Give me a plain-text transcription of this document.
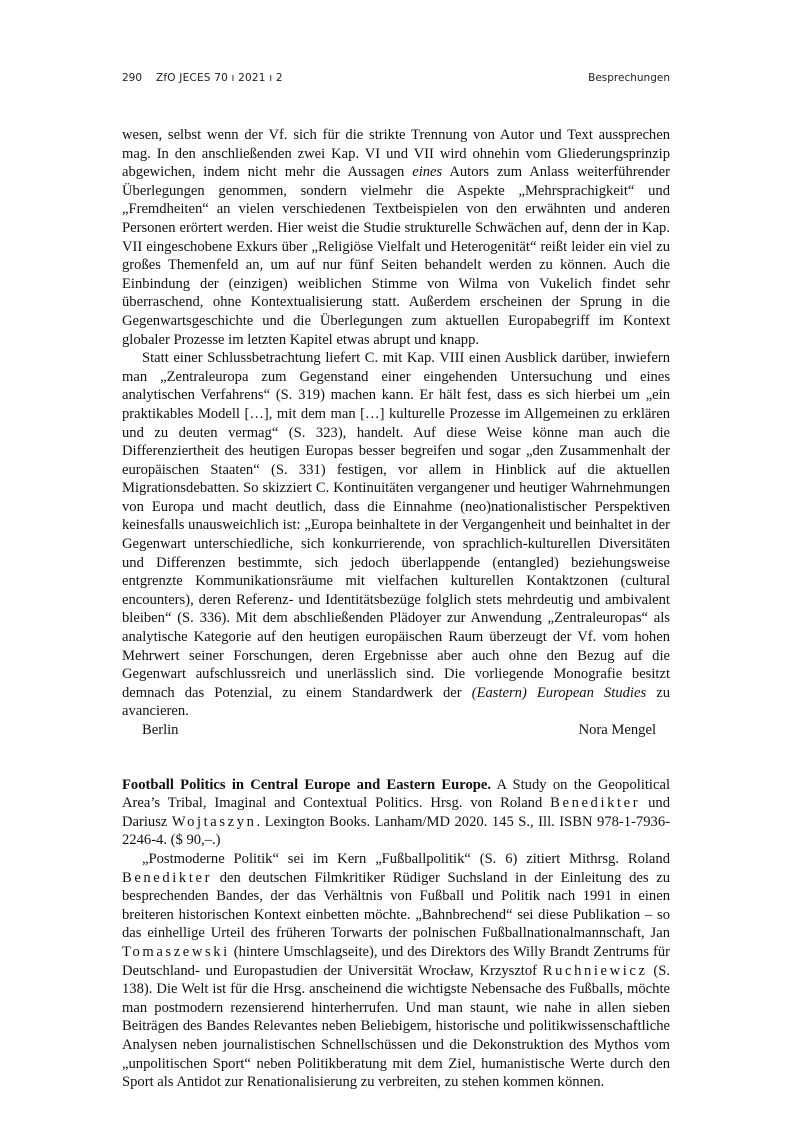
290 ZfO JECES 70 ı 2021 ı 2	Besprechungen

wesen, selbst wenn der Vf. sich für die strikte Trennung von Autor und Text aussprechen mag. In den anschließenden zwei Kap. VI und VII wird ohnehin vom Gliederungsprinzip abgewichen, indem nicht mehr die Aussagen eines Autors zum Anlass weiterführender Überlegungen genommen, sondern vielmehr die Aspekte „Mehrsprachigkeit“ und „Fremdheiten“ an vielen verschiedenen Textbeispielen von den erwähnten und anderen Personen erörtert werden. Hier weist die Studie strukturelle Schwächen auf, denn der in Kap. VII eingeschobene Exkurs über „Religiöse Vielfalt und Heterogenität“ reißt leider ein viel zu großes Themenfeld an, um auf nur fünf Seiten behandelt werden zu können. Auch die Einbindung der (einzigen) weiblichen Stimme von Wilma von Vukelich findet sehr überraschend, ohne Kontextualisierung statt. Außerdem erscheinen der Sprung in die Gegenwartsgeschichte und die Überlegungen zum aktuellen Europabegriff im Kontext globaler Prozesse im letzten Kapitel etwas abrupt und knapp.

Statt einer Schlussbetrachtung liefert C. mit Kap. VIII einen Ausblick darüber, inwiefern man „Zentraleuropa zum Gegenstand einer eingehenden Untersuchung und eines analytischen Verfahrens“ (S. 319) machen kann. Er hält fest, dass es sich hierbei um „ein praktikables Modell […], mit dem man […] kulturelle Prozesse im Allgemeinen zu erklären und zu deuten vermag“ (S. 323), handelt. Auf diese Weise könne man auch die Differenziertheit des heutigen Europas besser begreifen und sogar „den Zusammenhalt der europäischen Staaten“ (S. 331) festigen, vor allem in Hinblick auf die aktuellen Migrationsdebatten. So skizziert C. Kontinuitäten vergangener und heutiger Wahrnehmungen von Europa und macht deutlich, dass die Einnahme (neo)nationalistischer Perspektiven keinesfalls unausweichlich ist: „Europa beinhaltete in der Vergangenheit und beinhaltet in der Gegenwart unterschiedliche, sich konkurrierende, von sprachlich-kulturellen Diversitäten und Differenzen bestimmte, sich jedoch überlappende (entangled) beziehungsweise entgrenzte Kommunikationsräume mit vielfachen kulturellen Kontaktzonen (cultural encounters), deren Referenz- und Identitätsbezüge folglich stets mehrdeutig und ambivalent bleiben“ (S. 336). Mit dem abschließenden Plädoyer zur Anwendung „Zentraleuropas“ als analytische Kategorie auf den heutigen europäischen Raum überzeugt der Vf. vom hohen Mehrwert seiner Forschungen, deren Ergebnisse aber auch ohne den Bezug auf die Gegenwart aufschlussreich und unerlässlich sind. Die vorliegende Monografie besitzt demnach das Potenzial, zu einem Standardwerk der (Eastern) European Studies zu avancieren.

Berlin	Nora Mengel

Football Politics in Central Europe and Eastern Europe. A Study on the Geopolitical Area’s Tribal, Imaginal and Contextual Politics. Hrsg. von Roland Benedikter und Dariusz Wojtaszyn. Lexington Books. Lanham/MD 2020. 145 S., Ill. ISBN 978-1-7936-2246-4. ($ 90,–.)

„Postmoderne Politik“ sei im Kern „Fußballpolitik“ (S. 6) zitiert Mithrsg. Roland Benedikter den deutschen Filmkritiker Rüdiger Suchsland in der Einleitung des zu besprechenden Bandes, der das Verhältnis von Fußball und Politik nach 1991 in einen breiteren historischen Kontext einbetten möchte. „Bahnbrechend“ sei diese Publikation – so das einhellige Urteil des früheren Torwarts der polnischen Fußballnationalmannschaft, Jan Tomaszewski (hintere Umschlagseite), und des Direktors des Willy Brandt Zentrums für Deutschland- und Europastudien der Universität Wrocław, Krzysztof Ruchniewicz (S. 138). Die Welt ist für die Hrsg. anscheinend die wichtigste Nebensache des Fußballs, möchte man postmodern rezensierend hinterherrufen. Und man staunt, wie nahe in allen sieben Beiträgen des Bandes Relevantes neben Beliebigem, historische und politikwissenschaftliche Analysen neben journalistischen Schnellschüssen und die Dekonstruktion des Mythos vom „unpolitischen Sport“ neben Politikberatung mit dem Ziel, humanistische Werte durch den Sport als Antidot zur Renationalisierung zu verbreiten, zu stehen kommen können.
